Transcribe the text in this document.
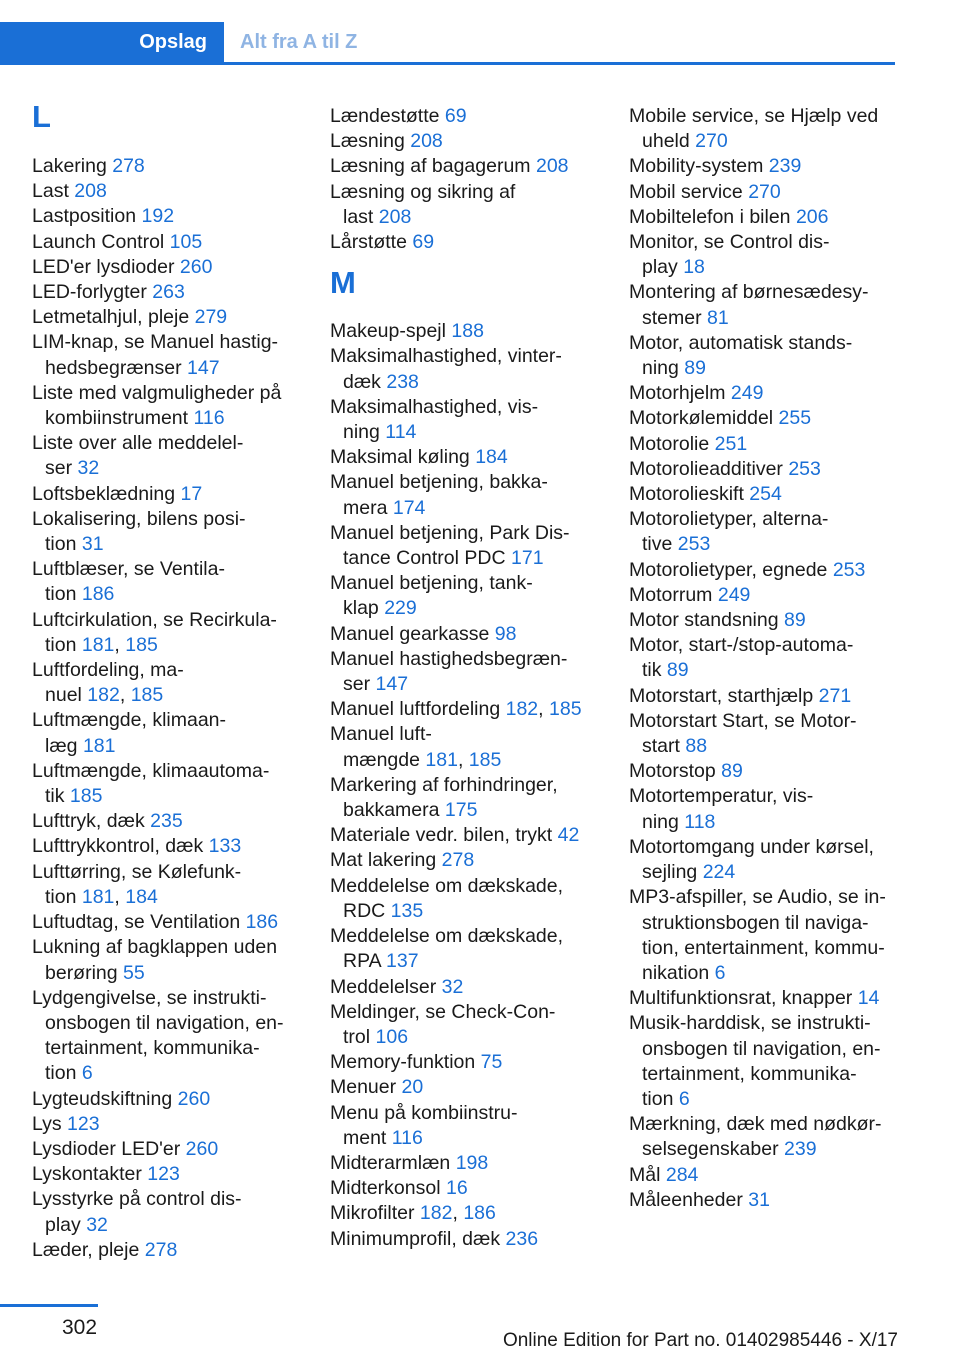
Opslag	Alt fra A til Z
L
Lakering 278
Last 208
Lastposition 192
Launch Control 105
LED'er lysdioder 260
LED-forlygter 263
Letmetalhjul, pleje 279
LIM-knap, se Manuel hastig-
hedsbegrænser 147
Liste med valgmuligheder på
kombiinstrument 116
Liste over alle meddelel-
ser 32
Loftsbeklædning 17
Lokalisering, bilens posi-
tion 31
Luftblæser, se Ventila-
tion 186
Luftcirkulation, se Recirkula-
tion 181, 185
Luftfordeling, ma-
nuel 182, 185
Luftmængde, klimaan-
læg 181
Luftmængde, klimaautoma-
tik 185
Lufttryk, dæk 235
Lufttrykkontrol, dæk 133
Lufttørring, se Kølefunk-
tion 181, 184
Luftudtag, se Ventilation 186
Lukning af bagklappen uden
berøring 55
Lydgengivelse, se instrukti-
onsbogen til navigation, en-
tertainment, kommunika-
tion 6
Lygteudskiftning 260
Lys 123
Lysdioder LED'er 260
Lyskontakter 123
Lysstyrke på control dis-
play 32
Læder, pleje 278
Lændestøtte 69
Læsning 208
Læsning af bagagerum 208
Læsning og sikring af
last 208
Lårstøtte 69
M
Makeup-spejl 188
Maksimalhastighed, vinter-
dæk 238
Maksimalhastighed, vis-
ning 114
Maksimal køling 184
Manuel betjening, bakka-
mera 174
Manuel betjening, Park Dis-
tance Control PDC 171
Manuel betjening, tank-
klap 229
Manuel gearkasse 98
Manuel hastighedsbegræn-
ser 147
Manuel luftfordeling 182, 185
Manuel luft-
mængde 181, 185
Markering af forhindringer,
bakkamera 175
Materiale vedr. bilen, trykt 42
Mat lakering 278
Meddelelse om dækskade,
RDC 135
Meddelelse om dækskade,
RPA 137
Meddelelser 32
Meldinger, se Check-Con-
trol 106
Memory-funktion 75
Menuer 20
Menu på kombiinstru-
ment 116
Midterarmlæn 198
Midterkonsol 16
Mikrofilter 182, 186
Minimumprofil, dæk 236
Mobile service, se Hjælp ved
uheld 270
Mobility-system 239
Mobil service 270
Mobiltelefon i bilen 206
Monitor, se Control dis-
play 18
Montering af børnesædesy-
stemer 81
Motor, automatisk stands-
ning 89
Motorhjelm 249
Motorkølemiddel 255
Motorolie 251
Motorolieadditiver 253
Motorolieskift 254
Motorolietyper, alterna-
tive 253
Motorolietyper, egnede 253
Motorrum 249
Motor standsning 89
Motor, start-/stop-automa-
tik 89
Motorstart, starthjælp 271
Motorstart Start, se Motor-
start 88
Motorstop 89
Motortemperatur, vis-
ning 118
Motortomgang under kørsel,
sejling 224
MP3-afspiller, se Audio, se in-
struktionsbogen til naviga-
tion, entertainment, kommu-
nikation 6
Multifunktionsrat, knapper 14
Musik-harddisk, se instrukti-
onsbogen til navigation, en-
tertainment, kommunika-
tion 6
Mærkning, dæk med nødkør-
selsegenskaber 239
Mål 284
Måleenheder 31
302
Online Edition for Part no. 01402985446 - X/17
